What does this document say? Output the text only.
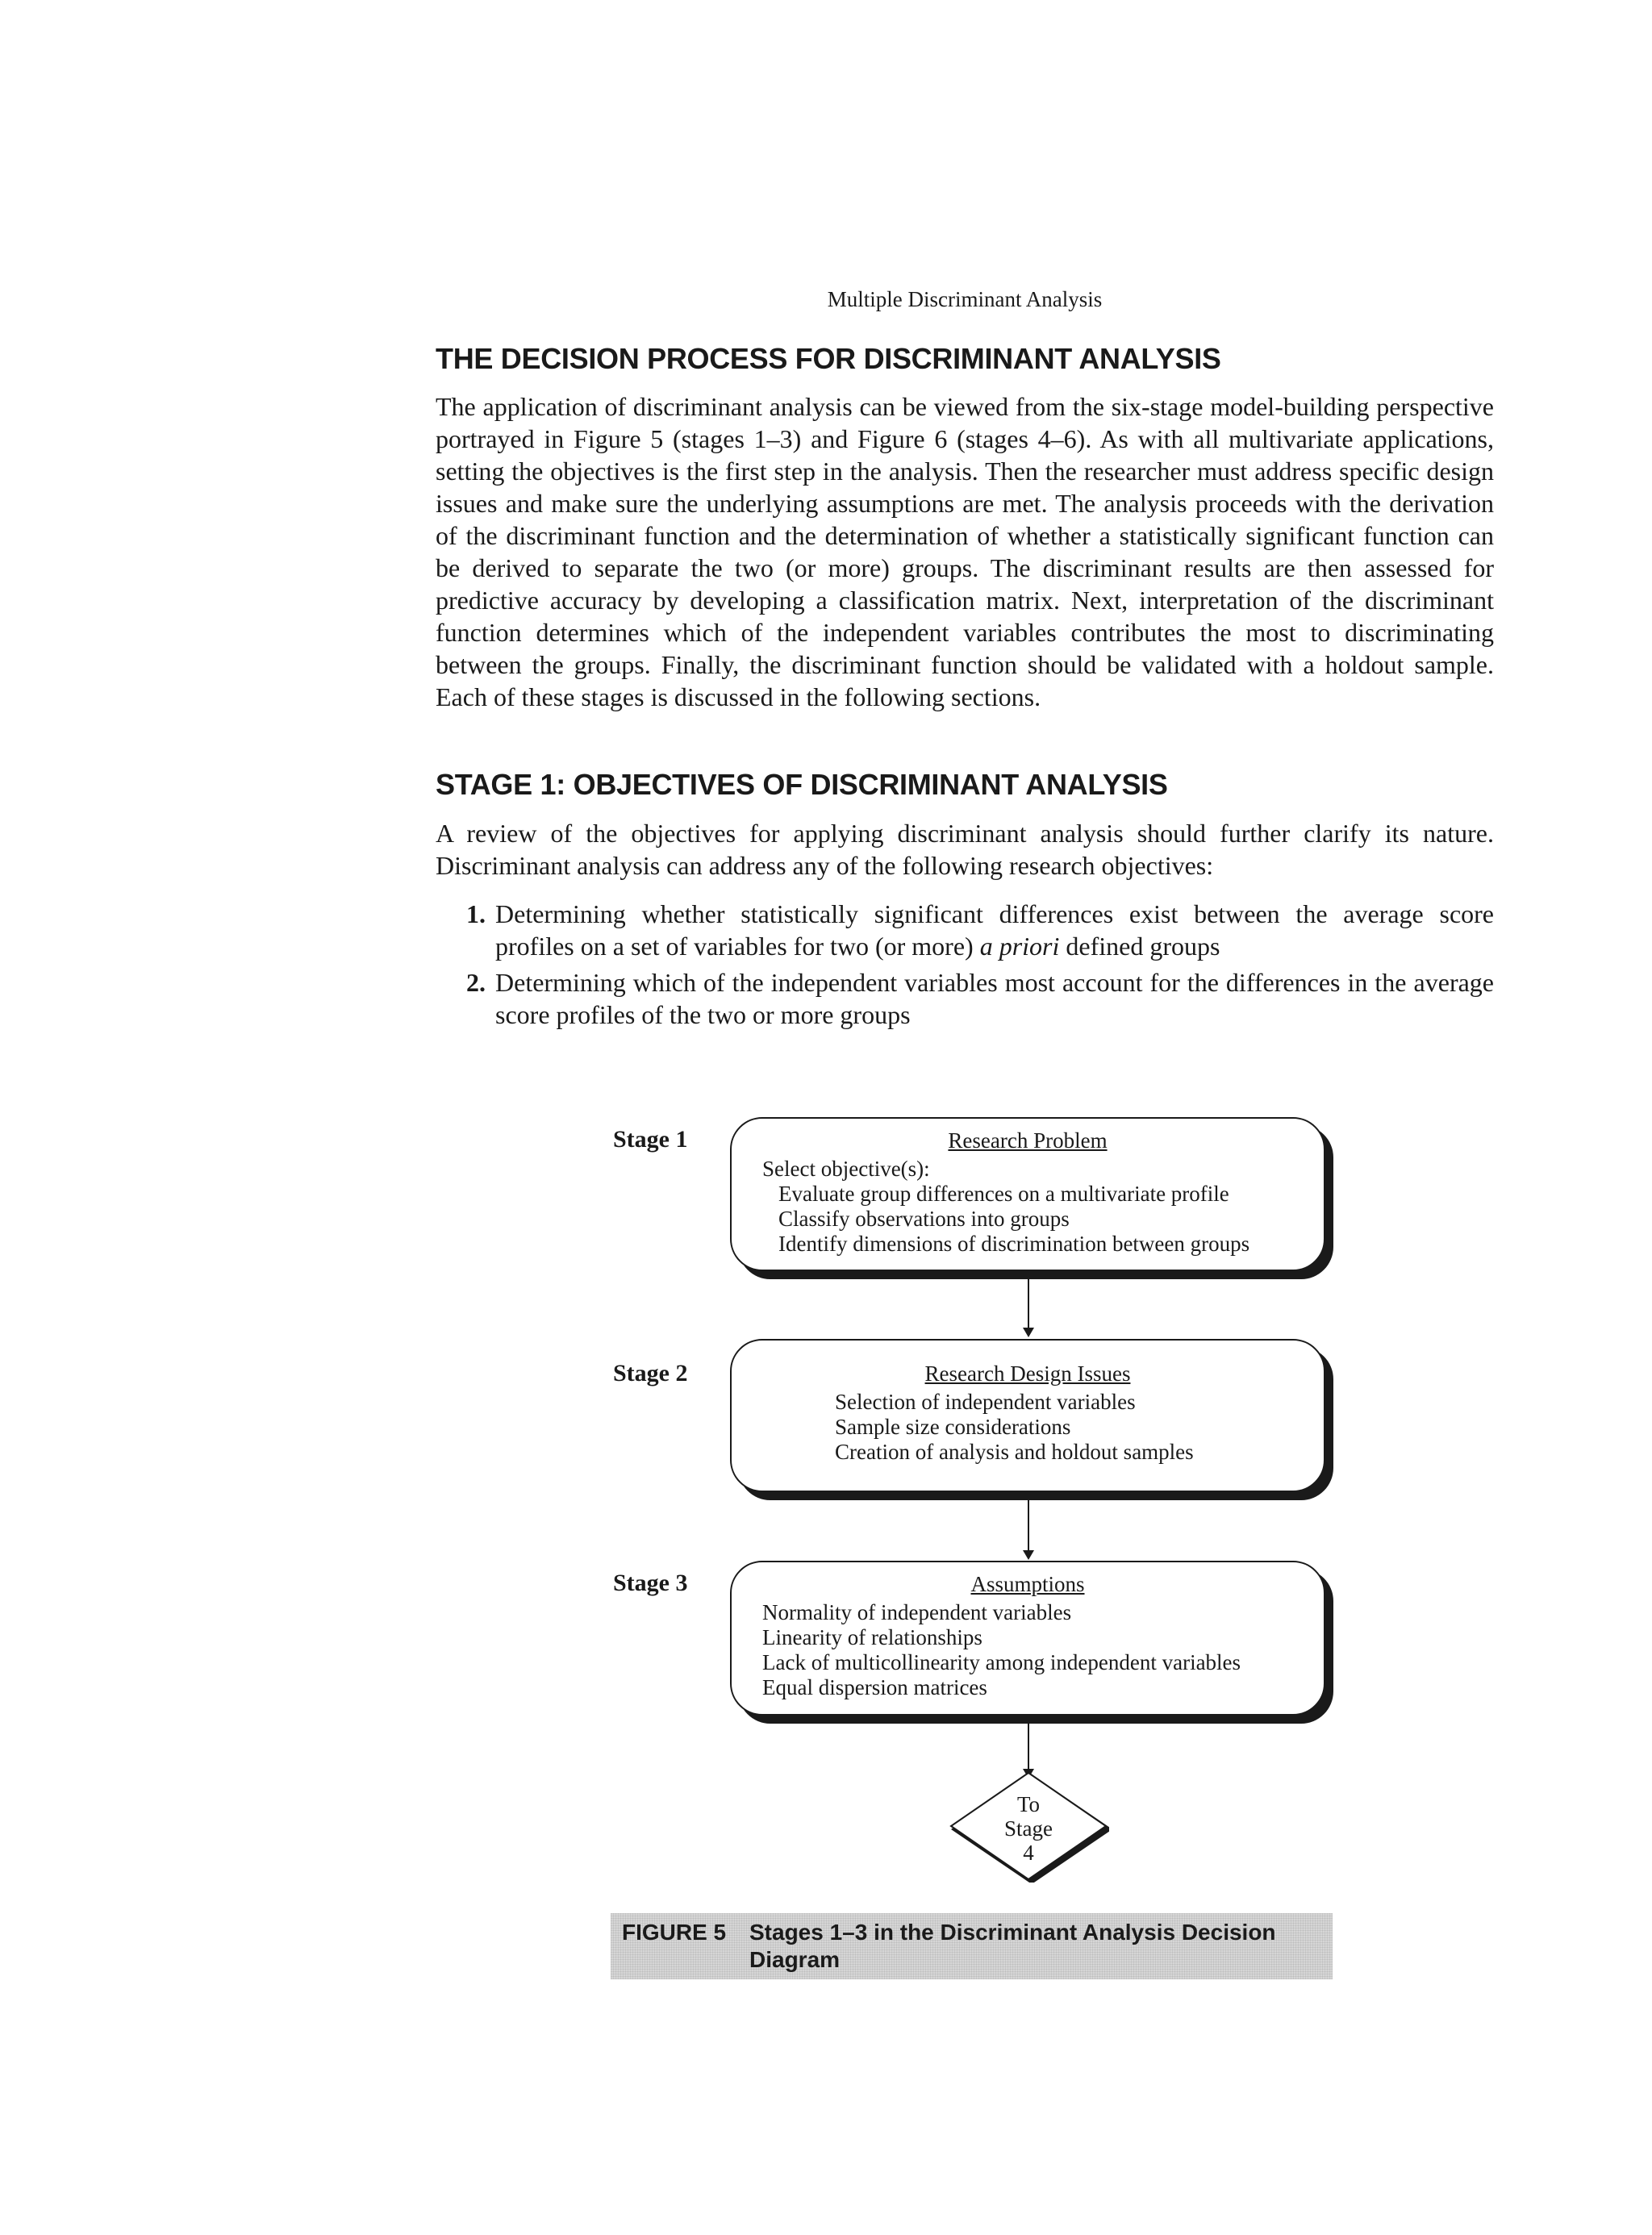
Multiple Discriminant Analysis
THE DECISION PROCESS FOR DISCRIMINANT ANALYSIS

The application of discriminant analysis can be viewed from the six-stage model-building perspective portrayed in Figure 5 (stages 1–3) and Figure 6 (stages 4–6). As with all multivariate applications, setting the objectives is the first step in the analysis. Then the researcher must address specific design issues and make sure the underlying assumptions are met. The analysis proceeds with the derivation of the discriminant function and the determination of whether a statistically significant function can be derived to separate the two (or more) groups. The discriminant results are then assessed for predictive accuracy by developing a classification matrix. Next, interpretation of the discriminant function determines which of the independent variables contributes the most to discriminating between the groups. Finally, the discriminant function should be validated with a holdout sample. Each of these stages is discussed in the following sections.

STAGE 1: OBJECTIVES OF DISCRIMINANT ANALYSIS

A review of the objectives for applying discriminant analysis should further clarify its nature. Discriminant analysis can address any of the following research objectives:

1. Determining whether statistically significant differences exist between the average score profiles on a set of variables for two (or more) a priori defined groups
2. Determining which of the independent variables most account for the differences in the average score profiles of the two or more groups
Stage 1	Research Problem
Select objective(s):
Evaluate group differences on a multivariate profile
Classify observations into groups
Identify dimensions of discrimination between groups
Stage 2	Research Design Issues
Selection of independent variables
Sample size considerations
Creation of analysis and holdout samples
Stage 3	Assumptions
Normality of independent variables
Linearity of relationships
Lack of multicollinearity among independent variables
Equal dispersion matrices
To
Stage
4
FIGURE 5 Stages 1–3 in the Discriminant Analysis Decision Diagram
